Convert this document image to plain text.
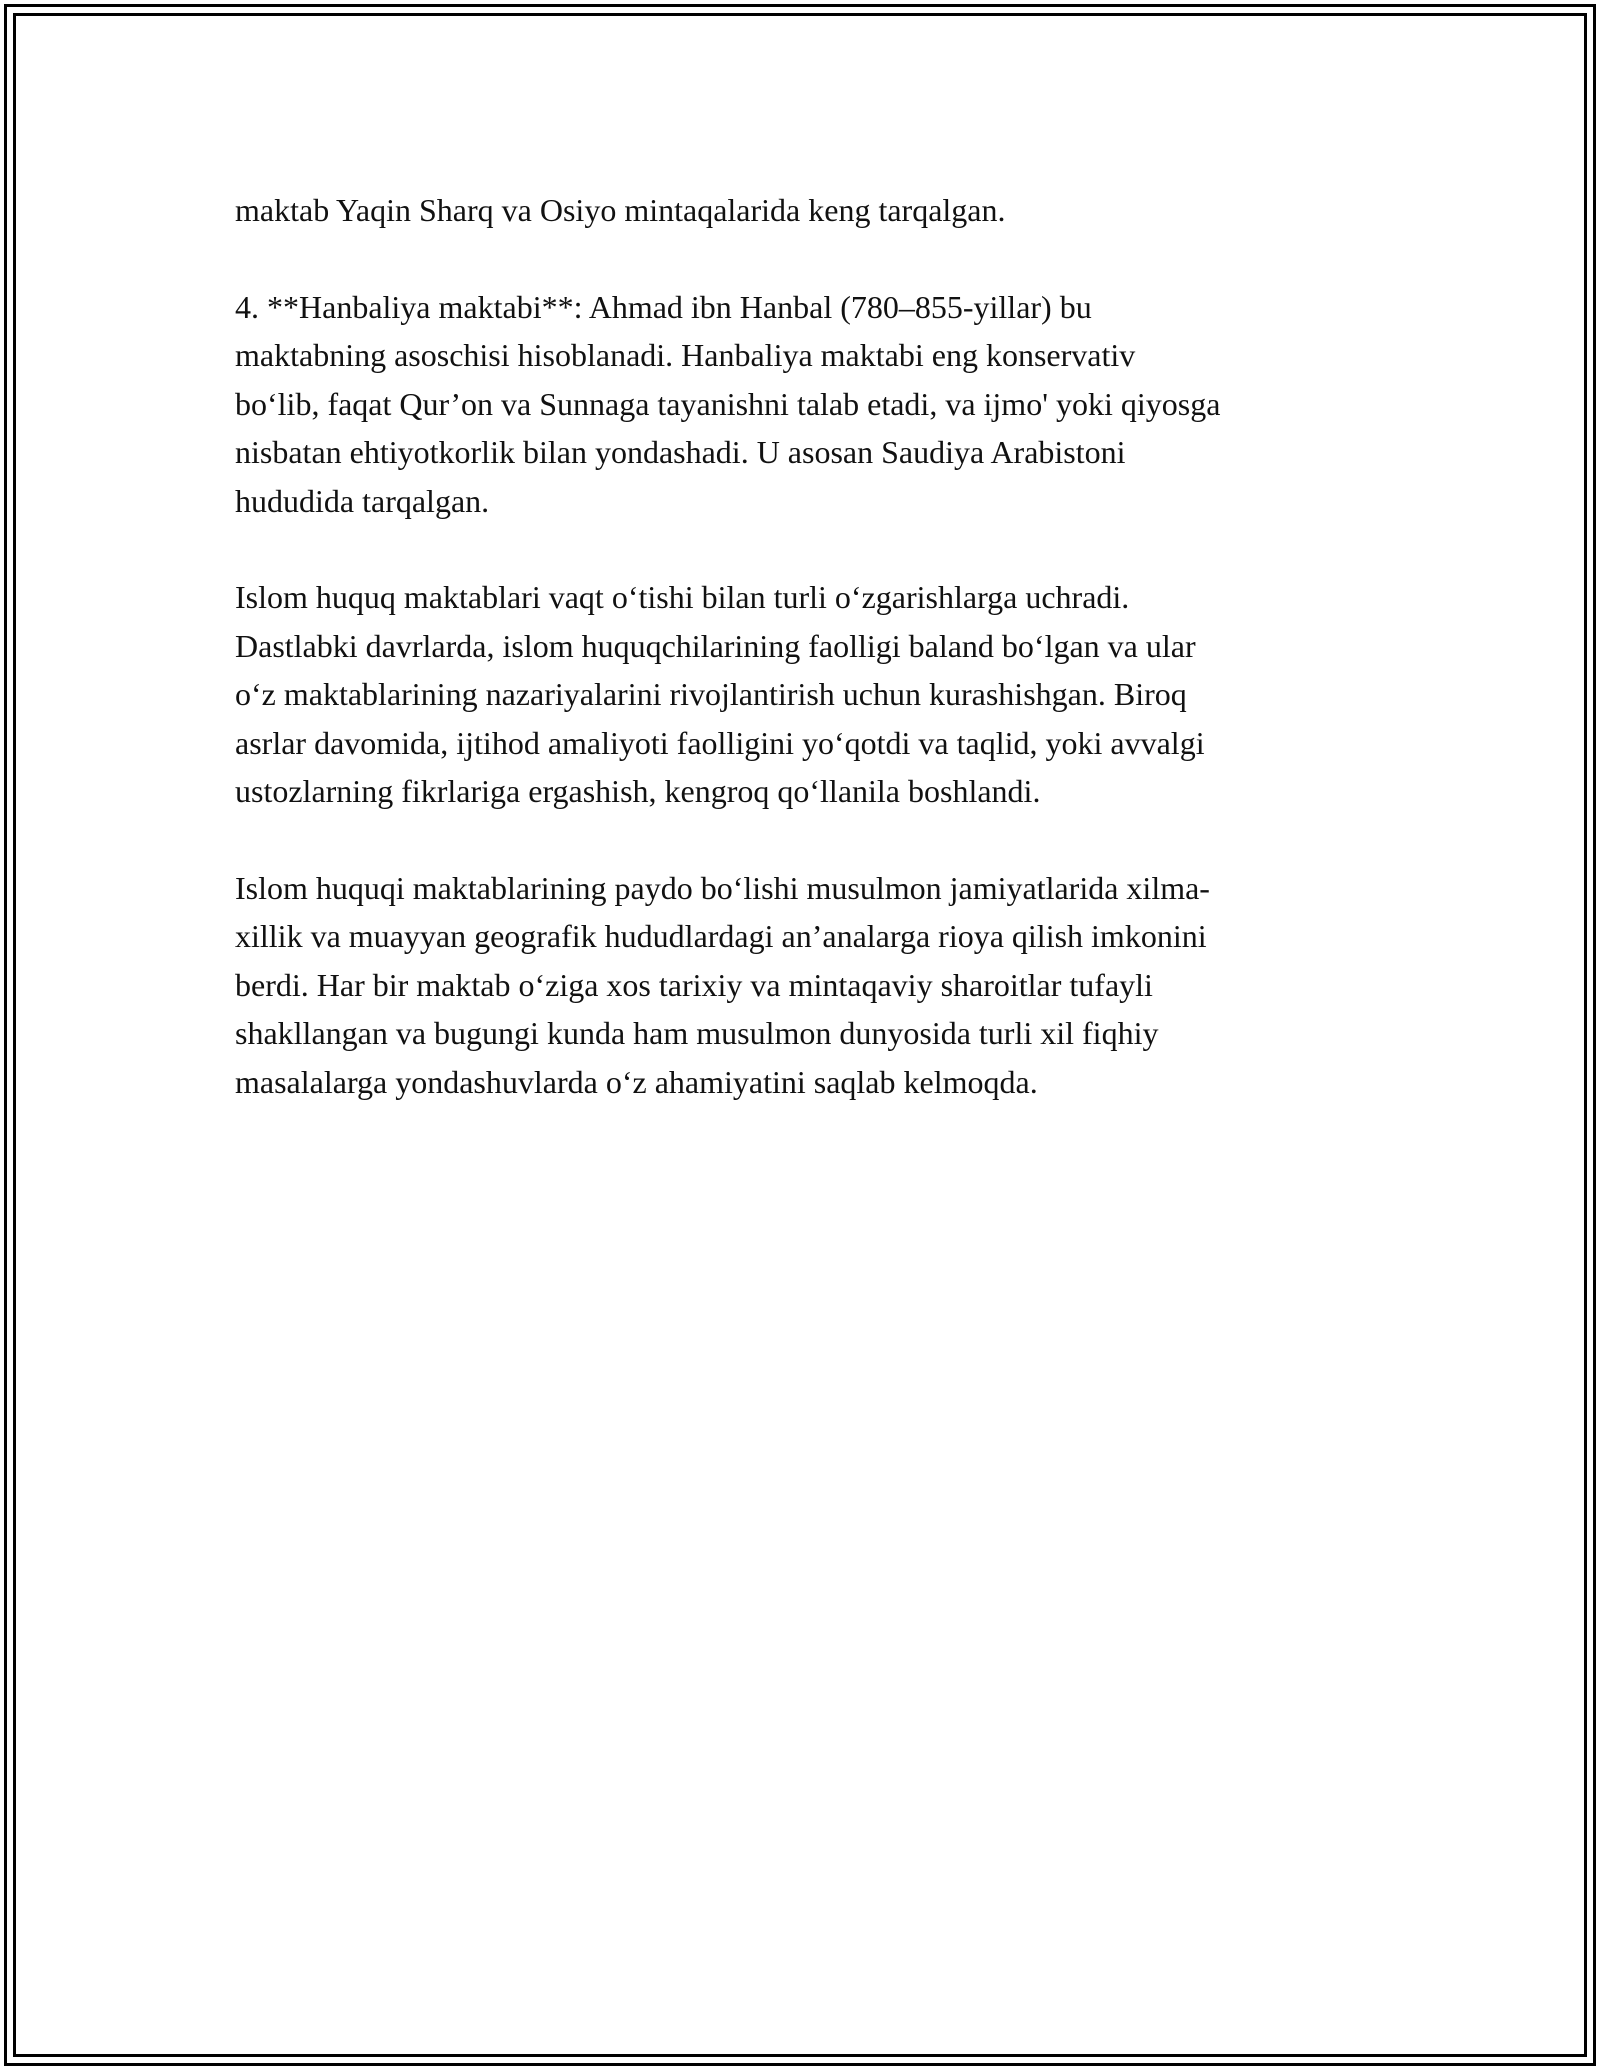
maktab Yaqin Sharq va Osiyo mintaqalarida keng tarqalgan.

4. **Hanbaliya maktabi**: Ahmad ibn Hanbal (780–855-yillar) bu
maktabning asoschisi hisoblanadi. Hanbaliya maktabi eng konservativ
bo‘lib, faqat Qur’on va Sunnaga tayanishni talab etadi, va ijmo' yoki qiyosga
nisbatan ehtiyotkorlik bilan yondashadi. U asosan Saudiya Arabistoni
hududida tarqalgan.

Islom huquq maktablari vaqt o‘tishi bilan turli o‘zgarishlarga uchradi.
Dastlabki davrlarda, islom huquqchilarining faolligi baland bo‘lgan va ular
o‘z maktablarining nazariyalarini rivojlantirish uchun kurashishgan. Biroq
asrlar davomida, ijtihod amaliyoti faolligini yo‘qotdi va taqlid, yoki avvalgi
ustozlarning fikrlariga ergashish, kengroq qo‘llanila boshlandi.

Islom huquqi maktablarining paydo bo‘lishi musulmon jamiyatlarida xilma-
xillik va muayyan geografik hududlardagi an’analarga rioya qilish imkonini
berdi. Har bir maktab o‘ziga xos tarixiy va mintaqaviy sharoitlar tufayli
shakllangan va bugungi kunda ham musulmon dunyosida turli xil fiqhiy
masalalarga yondashuvlarda o‘z ahamiyatini saqlab kelmoqda.
